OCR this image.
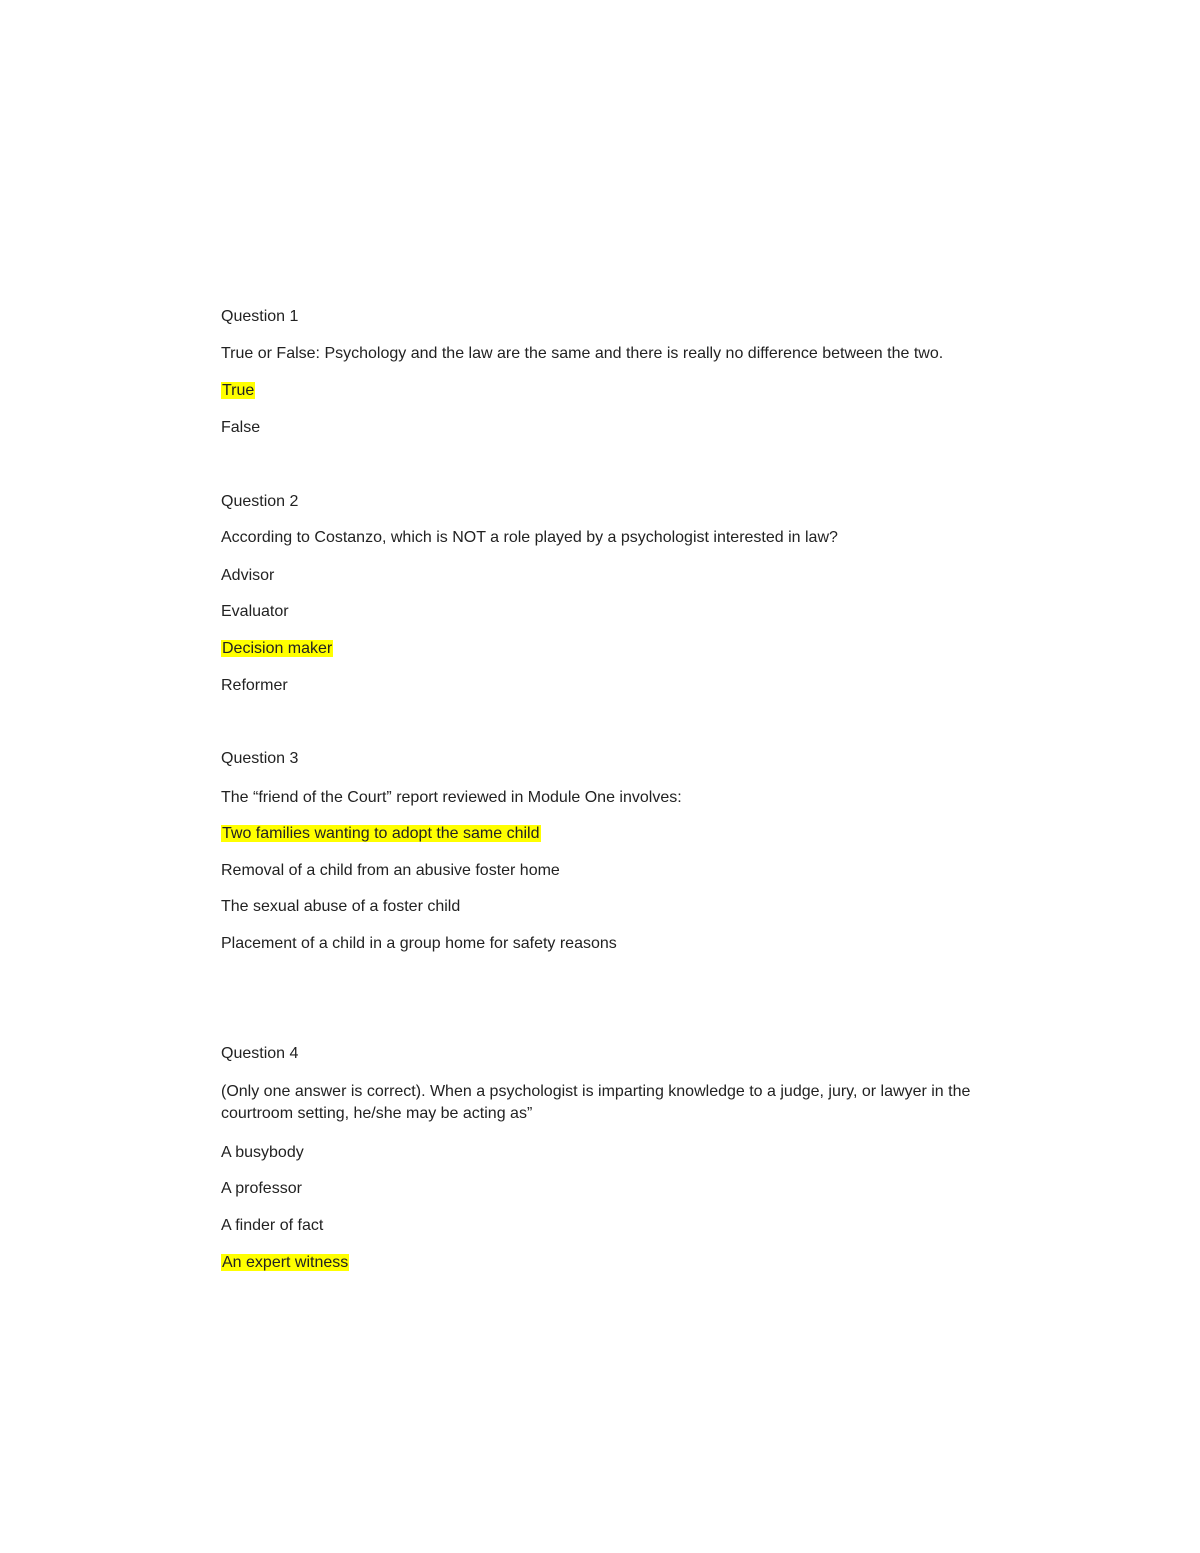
Question 1
True or False: Psychology and the law are the same and there is really no difference between the two.
True
False
Question 2
According to Costanzo, which is NOT a role played by a psychologist interested in law?
Advisor
Evaluator
Decision maker
Reformer
Question 3
The “friend of the Court” report reviewed in Module One involves:
Two families wanting to adopt the same child
Removal of a child from an abusive foster home
The sexual abuse of a foster child
Placement of a child in a group home for safety reasons
Question 4
(Only one answer is correct). When a psychologist is imparting knowledge to a judge, jury, or lawyer in the courtroom setting, he/she may be acting as”
A busybody
A professor
A finder of fact
An expert witness
